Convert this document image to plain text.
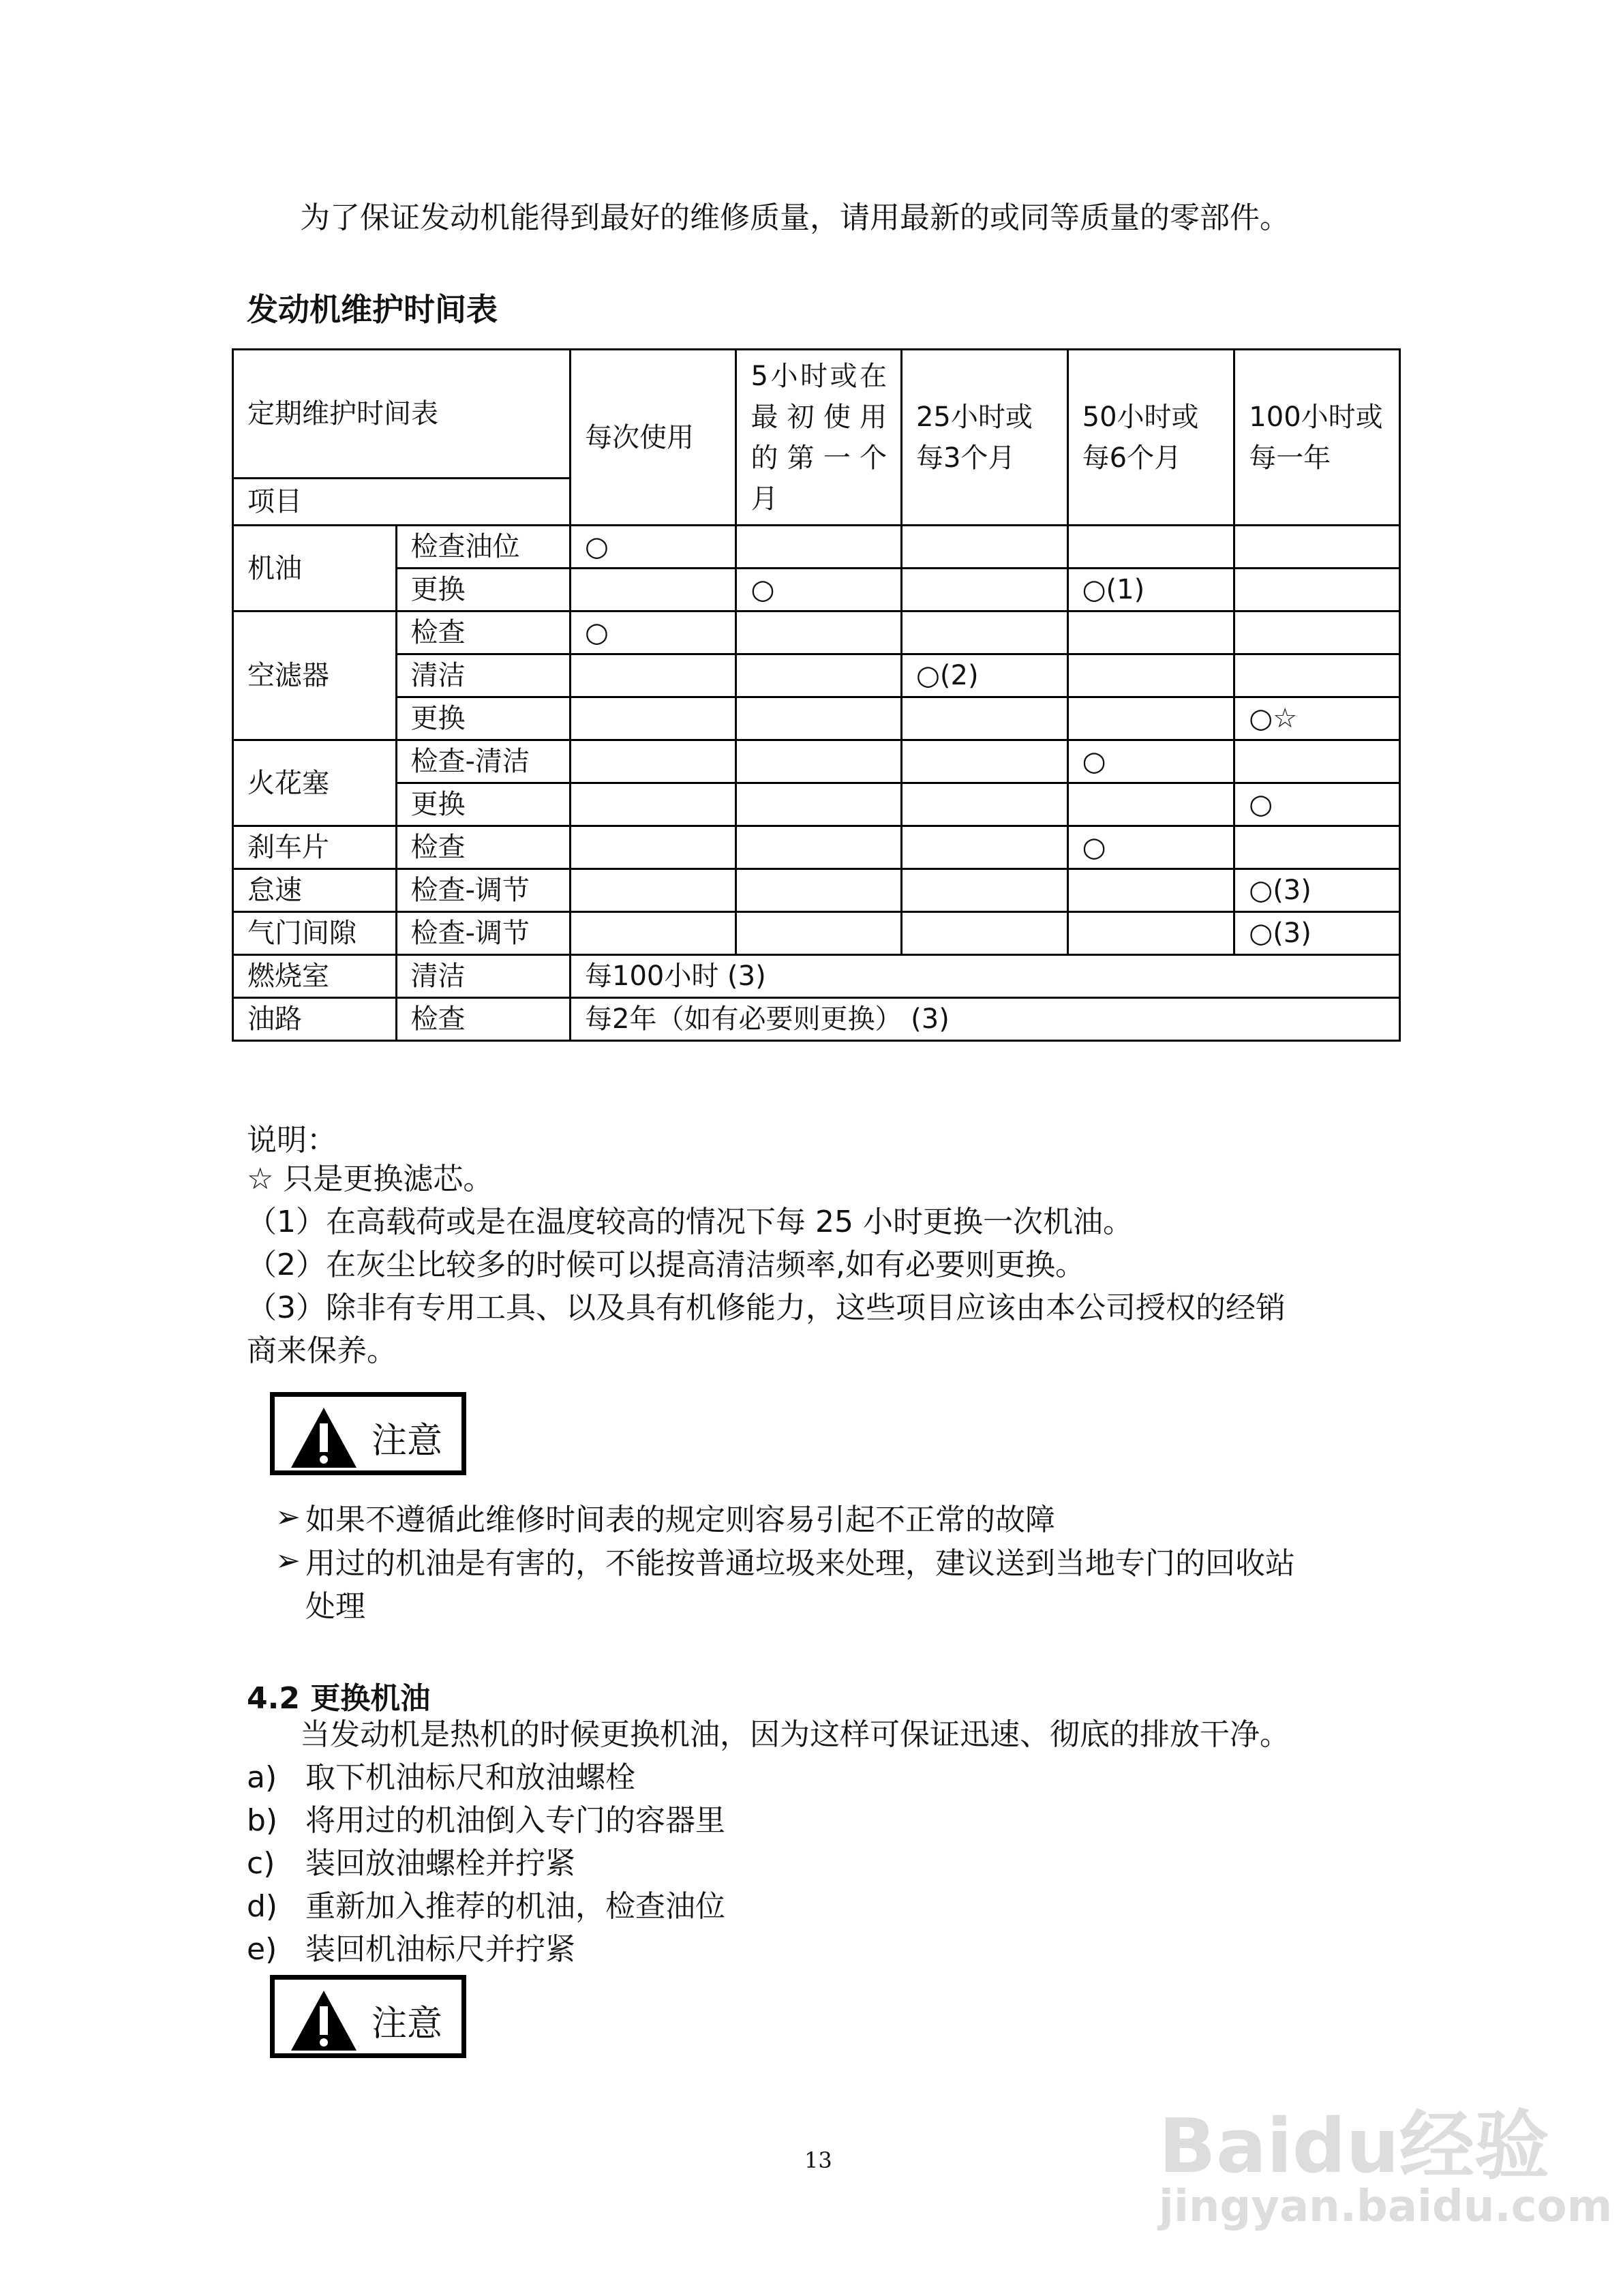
为了保证发动机能得到最好的维修质量，请用最新的或同等质量的零部件。
发动机维护时间表
定期维护时间表		每次使用	5小时或在最初使用的第一个月	25小时或每3个月	50小时或每6个月	100小时或每一年
项目						
机油	检查油位	○				
	更换		○		○(1)	
空滤器	检查	○				
	清洁			○(2)		
	更换					○☆
火花塞	检查-清洁				○	
	更换					○
刹车片	检查				○	
怠速	检查-调节					○(3)
气门间隙	检查-调节					○(3)
燃烧室	清洁	每100小时 (3)				
油路	检查	每2年（如有必要则更换） (3)				
说明：
☆ 只是更换滤芯。
（1）在高载荷或是在温度较高的情况下每 25 小时更换一次机油。
（2）在灰尘比较多的时候可以提高清洁频率,如有必要则更换。
（3）除非有专用工具、以及具有机修能力，这些项目应该由本公司授权的经销
商来保养。
注意
➢ 如果不遵循此维修时间表的规定则容易引起不正常的故障
➢ 用过的机油是有害的，不能按普通垃圾来处理，建议送到当地专门的回收站
处理
4.2 更换机油
当发动机是热机的时候更换机油，因为这样可保证迅速、彻底的排放干净。
a) 取下机油标尺和放油螺栓
b) 将用过的机油倒入专门的容器里
c) 装回放油螺栓并拧紧
d) 重新加入推荐的机油，检查油位
e) 装回机油标尺并拧紧
注意
13	Baidu经验
jingyan.baidu.com
